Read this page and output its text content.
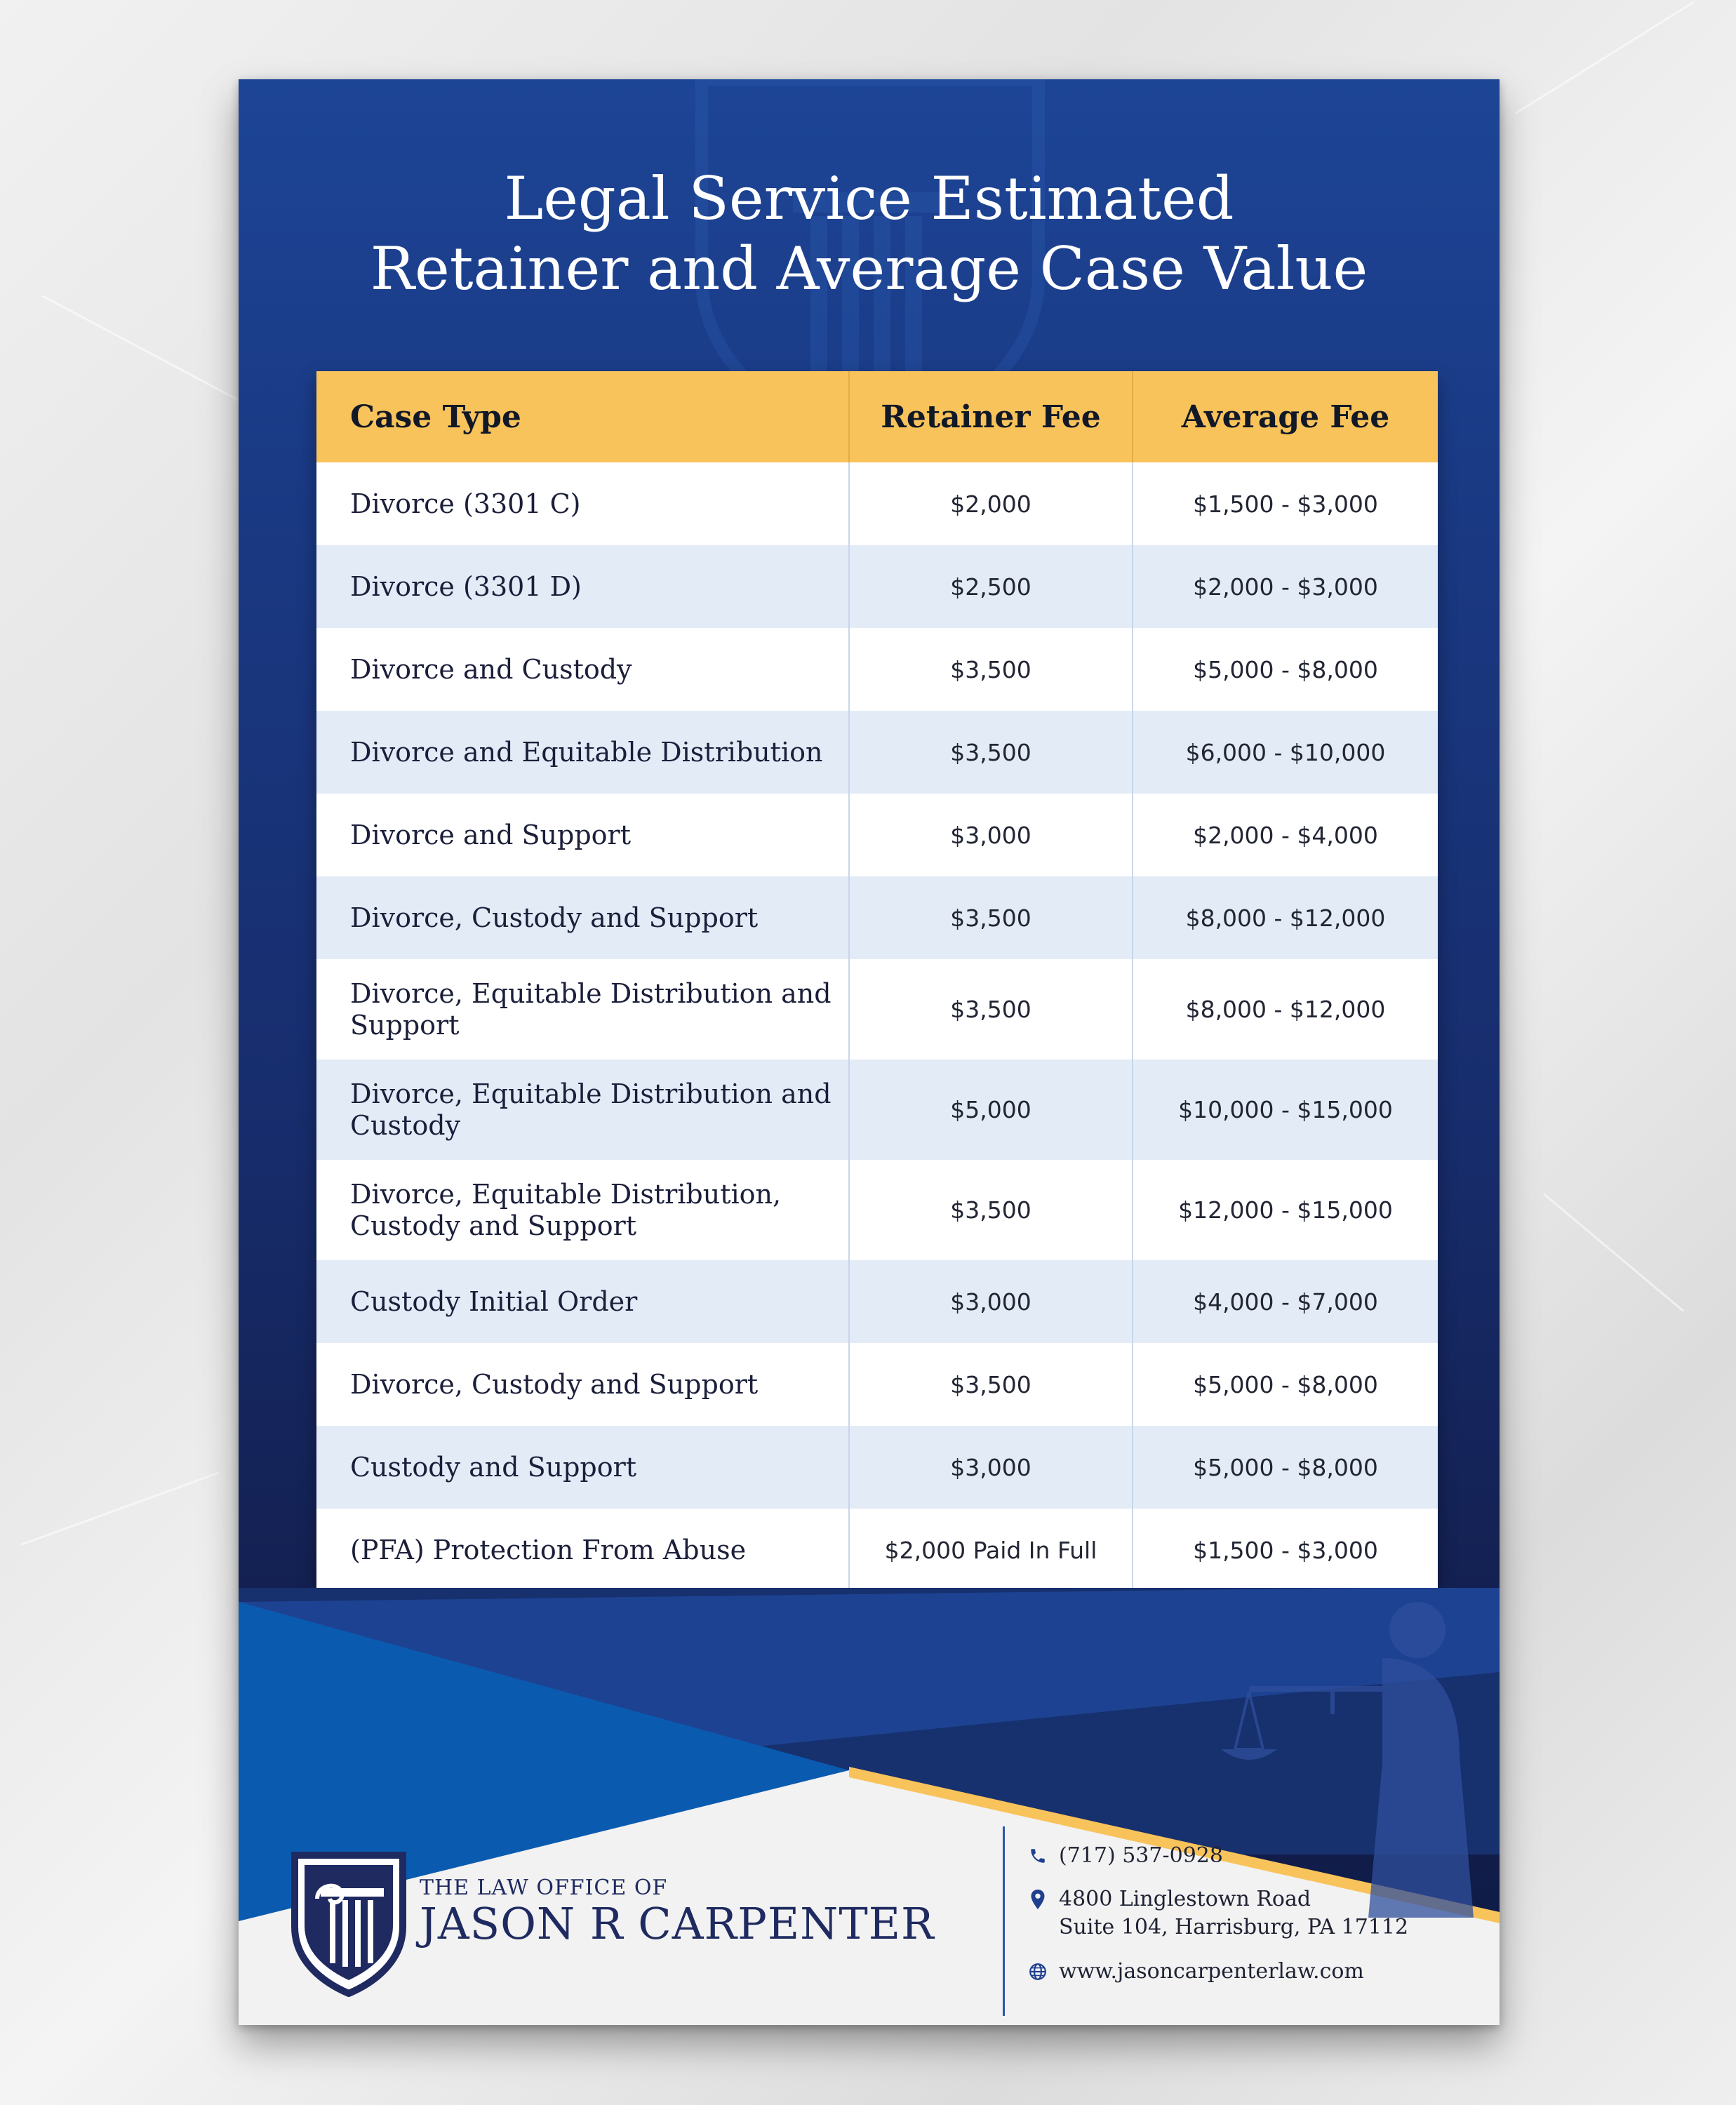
Legal Service Estimated
Retainer and Average Case Value
Case Type	Retainer Fee	Average Fee
Divorce (3301 C)	$2,000	$1,500 - $3,000
Divorce (3301 D)	$2,500	$2,000 - $3,000
Divorce and Custody	$3,500	$5,000 - $8,000
Divorce and Equitable Distribution	$3,500	$6,000 - $10,000
Divorce and Support	$3,000	$2,000 - $4,000
Divorce, Custody and Support	$3,500	$8,000 - $12,000
Divorce, Equitable Distribution and Support	$3,500	$8,000 - $12,000
Divorce, Equitable Distribution and Custody	$5,000	$10,000 - $15,000
Divorce, Equitable Distribution, Custody and Support	$3,500	$12,000 - $15,000
Custody Initial Order	$3,000	$4,000 - $7,000
Divorce, Custody and Support	$3,500	$5,000 - $8,000
Custody and Support	$3,000	$5,000 - $8,000
(PFA) Protection From Abuse	$2,000 Paid In Full	$1,500 - $3,000
THE LAW OFFICE OF
JASON R CARPENTER
(717) 537-0928
4800 Linglestown Road
Suite 104, Harrisburg, PA 17112
www.jasoncarpenterlaw.com
